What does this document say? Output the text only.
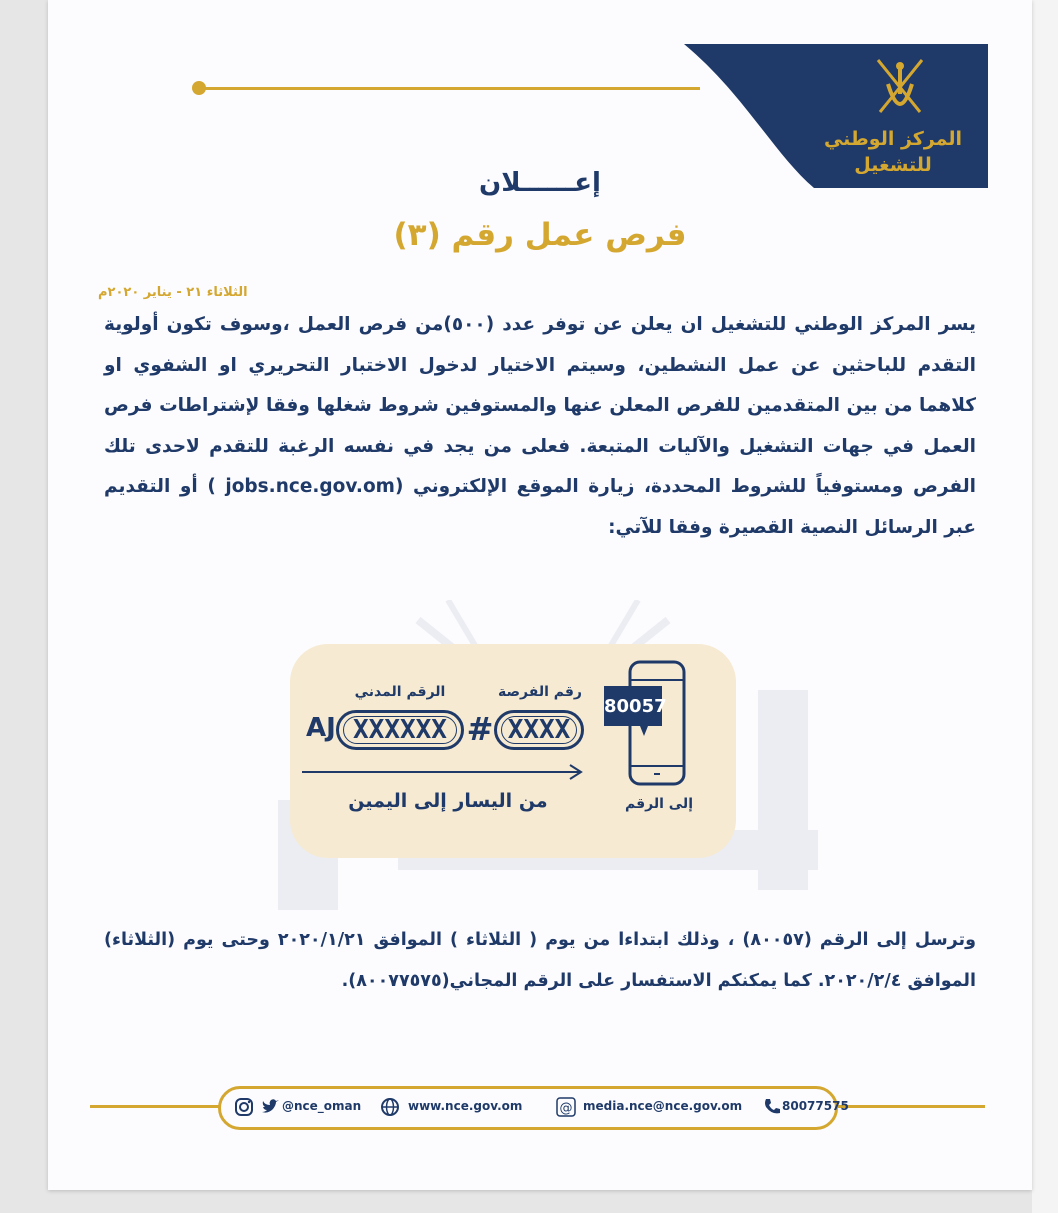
المركز الوطني
للتشغيل
إعــــــلان
فرص عمل رقم (٣)
الثلاثاء ٢١ - يناير ٢٠٢٠م
يسر المركز الوطني للتشغيل ان يعلن عن توفر عدد (٥٠٠)من فرص العمل ،وسوف تكون أولوية التقدم للباحثين عن عمل النشطين، وسيتم الاختيار لدخول الاختبار التحريري او الشفوي او كلاهما من بين المتقدمين للفرص المعلن عنها والمستوفين شروط شغلها وفقا لإشتراطات فرص العمل في جهات التشغيل والآليات المتبعة. فعلى من يجد في نفسه الرغبة للتقدم لاحدى تلك الفرص ومستوفياً للشروط المحددة، زيارة الموقع الإلكتروني (jobs.nce.gov.om ) أو التقديم عبر الرسائل النصية القصيرة وفقا للآتي:
الرقم المدني	رقم الفرصة
AJ XXXXXX # XXXX
من اليسار إلى اليمين
80057
إلى الرقم
وترسل إلى الرقم (٨٠٠٥٧) ، وذلك ابتداءا من يوم ( الثلاثاء ) الموافق ٢٠٢٠/١/٢١ وحتى يوم (الثلاثاء) الموافق ٢٠٢٠/٢/٤. كما يمكنكم الاستفسار على الرقم المجاني(٨٠٠٧٧٥٧٥).
@nce_oman	www.nce.gov.om	@ media.nce@nce.gov.om	80077575
